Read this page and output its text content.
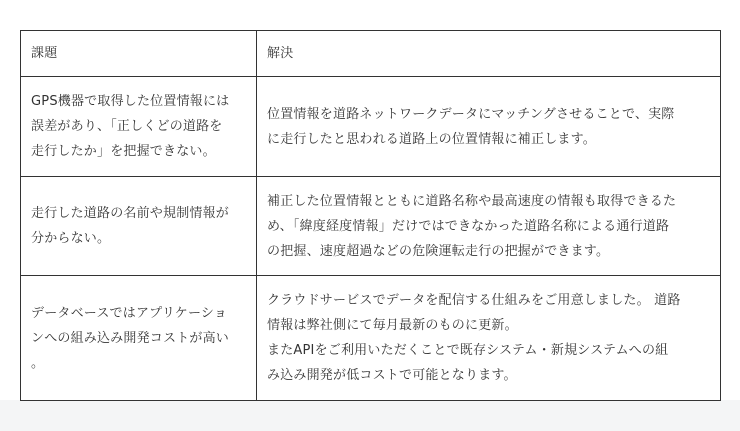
課題	解決

GPS機器で取得した位置情報には
誤差があり、「正しくどの道路を
走行したか」を把握できない。	位置情報を道路ネットワークデータにマッチングさせることで、実際
に走行したと思われる道路上の位置情報に補正します。

走行した道路の名前や規制情報が
分からない。	補正した位置情報とともに道路名称や最高速度の情報も取得できるた
め、「緯度経度情報」だけではできなかった道路名称による通行道路
の把握、速度超過などの危険運転走行の把握ができます。

データベースではアプリケーショ
ンへの組み込み開発コストが高い
。	クラウドサービスでデータを配信する仕組みをご用意しました。 道路
情報は弊社側にて毎月最新のものに更新。
またAPIをご利用いただくことで既存システム・新規システムへの組
み込み開発が低コストで可能となります。
